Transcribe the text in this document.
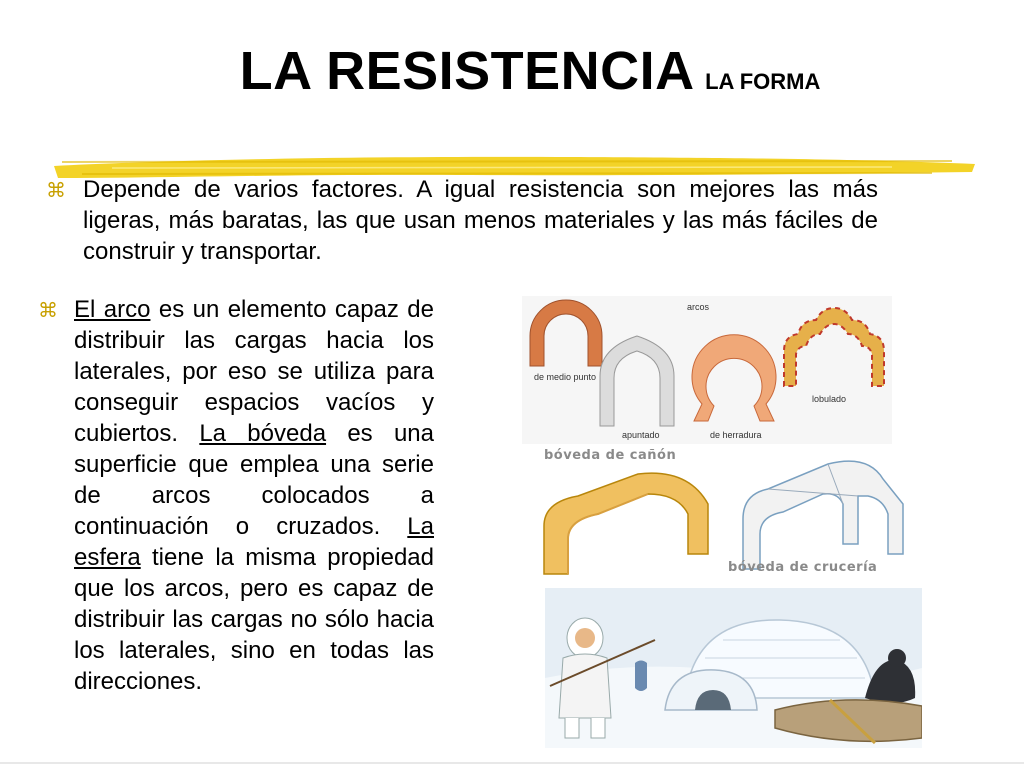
LA RESISTENCIA LA FORMA
⌘ Depende de varios factores. A igual resistencia son mejores las más ligeras, más baratas, las que usan menos materiales y las más fáciles de construir y transportar.
⌘ El arco es un elemento capaz de distribuir las cargas hacia los laterales, por eso se utiliza para conseguir espacios vacíos y cubiertos. La bóveda es una superficie que emplea una serie de arcos colocados a continuación o cruzados. La esfera tiene la misma propiedad que los arcos, pero es capaz de distribuir las cargas no sólo hacia los laterales, sino en todas las direcciones.
arcos
de medio punto
apuntado	de herradura
lobulado
bóveda de cañón
bóveda de crucería
